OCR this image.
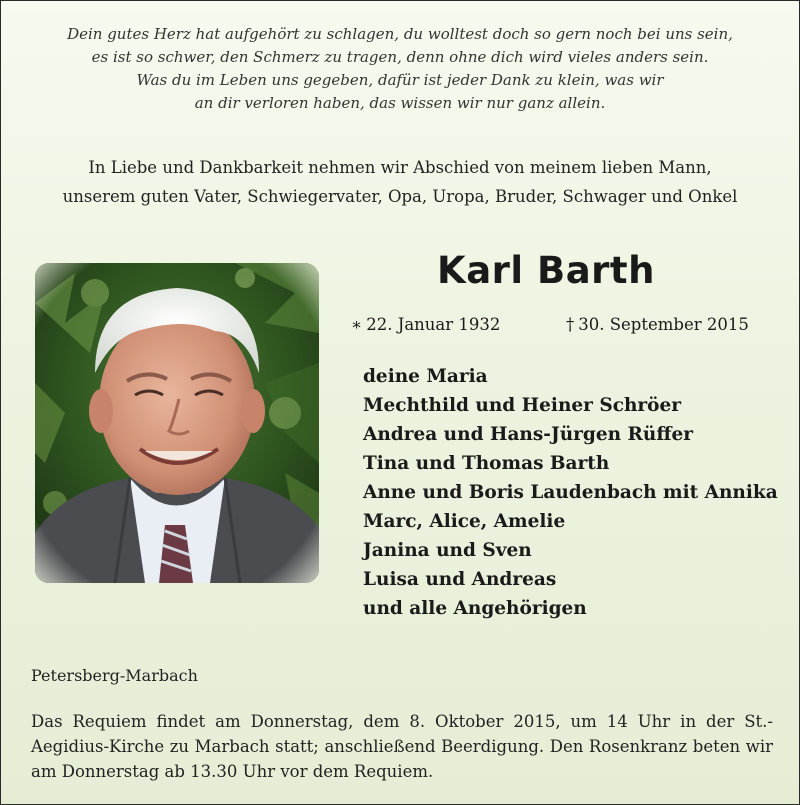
Dein gutes Herz hat aufgehört zu schlagen, du wolltest doch so gern noch bei uns sein,
es ist so schwer, den Schmerz zu tragen, denn ohne dich wird vieles anders sein.
Was du im Leben uns gegeben, dafür ist jeder Dank zu klein, was wir
an dir verloren haben, das wissen wir nur ganz allein.
In Liebe und Dankbarkeit nehmen wir Abschied von meinem lieben Mann,
unserem guten Vater, Schwiegervater, Opa, Uropa, Bruder, Schwager und Onkel
Karl Barth
∗ 22. Januar 1932	† 30. September 2015
deine Maria
Mechthild und Heiner Schröer
Andrea und Hans-Jürgen Rüffer
Tina und Thomas Barth
Anne und Boris Laudenbach mit Annika
Marc, Alice, Amelie
Janina und Sven
Luisa und Andreas
und alle Angehörigen
Petersberg-Marbach

Das Requiem findet am Donnerstag, dem 8. Oktober 2015, um 14 Uhr in der St.-Aegidius-Kirche zu Marbach statt; anschließend Beerdigung. Den Rosenkranz beten wir am Donnerstag ab 13.30 Uhr vor dem Requiem.
